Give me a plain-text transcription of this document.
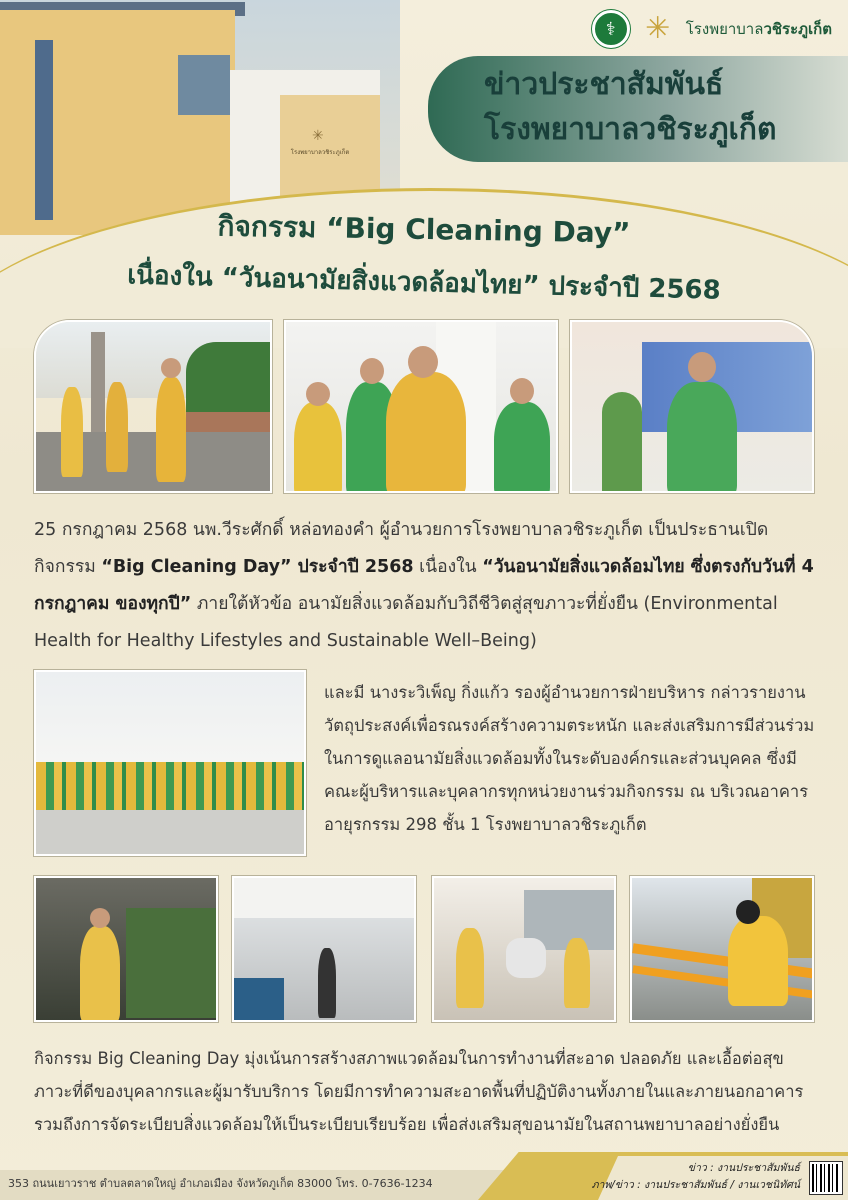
✳
โรงพยาบาลวชิระภูเก็ต
⚕ ✳	โรงพยาบาลวชิระภูเก็ต
ข่าวประชาสัมพันธ์
โรงพยาบาลวชิระภูเก็ต
กิจกรรม “Big Cleaning Day”
เนื่องใน “วันอนามัยสิ่งแวดล้อมไทย” ประจำปี 2568
25 กรกฎาคม 2568 นพ.วีระศักดิ์ หล่อทองคำ ผู้อำนวยการโรงพยาบาลวชิระภูเก็ต เป็นประธานเปิดกิจกรรม “Big Cleaning Day” ประจำปี 2568 เนื่องใน “วันอนามัยสิ่งแวดล้อมไทย ซึ่งตรงกับวันที่ 4 กรกฎาคม ของทุกปี” ภายใต้หัวข้อ อนามัยสิ่งแวดล้อมกับวิถีชีวิตสู่สุขภาวะที่ยั่งยืน (Environmental Health for Healthy Lifestyles and Sustainable Well–Being)
และมี นางระวิเพ็ญ กิ่งแก้ว รองผู้อำนวยการฝ่ายบริหาร กล่าวรายงานวัตถุประสงค์เพื่อรณรงค์สร้างความตระหนัก และส่งเสริมการมีส่วนร่วมในการดูแลอนามัยสิ่งแวดล้อมทั้งในระดับองค์กรและส่วนบุคคล ซึ่งมีคณะผู้บริหารและบุคลากรทุกหน่วยงานร่วมกิจกรรม ณ บริเวณอาคารอายุรกรรม 298 ชั้น 1 โรงพยาบาลวชิระภูเก็ต
กิจกรรม Big Cleaning Day มุ่งเน้นการสร้างสภาพแวดล้อมในการทำงานที่สะอาด ปลอดภัย และเอื้อต่อสุขภาวะที่ดีของบุคลากรและผู้มารับบริการ โดยมีการทำความสะอาดพื้นที่ปฏิบัติงานทั้งภายในและภายนอกอาคาร รวมถึงการจัดระเบียบสิ่งแวดล้อมให้เป็นระเบียบเรียบร้อย เพื่อส่งเสริมสุขอนามัยในสถานพยาบาลอย่างยั่งยืน
353 ถนนเยาวราช ตำบลตลาดใหญ่ อำเภอเมือง จังหวัดภูเก็ต 83000 โทร. 0-7636-1234
ข่าว : งานประชาสัมพันธ์
ภาพ/ข่าว : งานประชาสัมพันธ์ / งานเวชนิทัศน์
